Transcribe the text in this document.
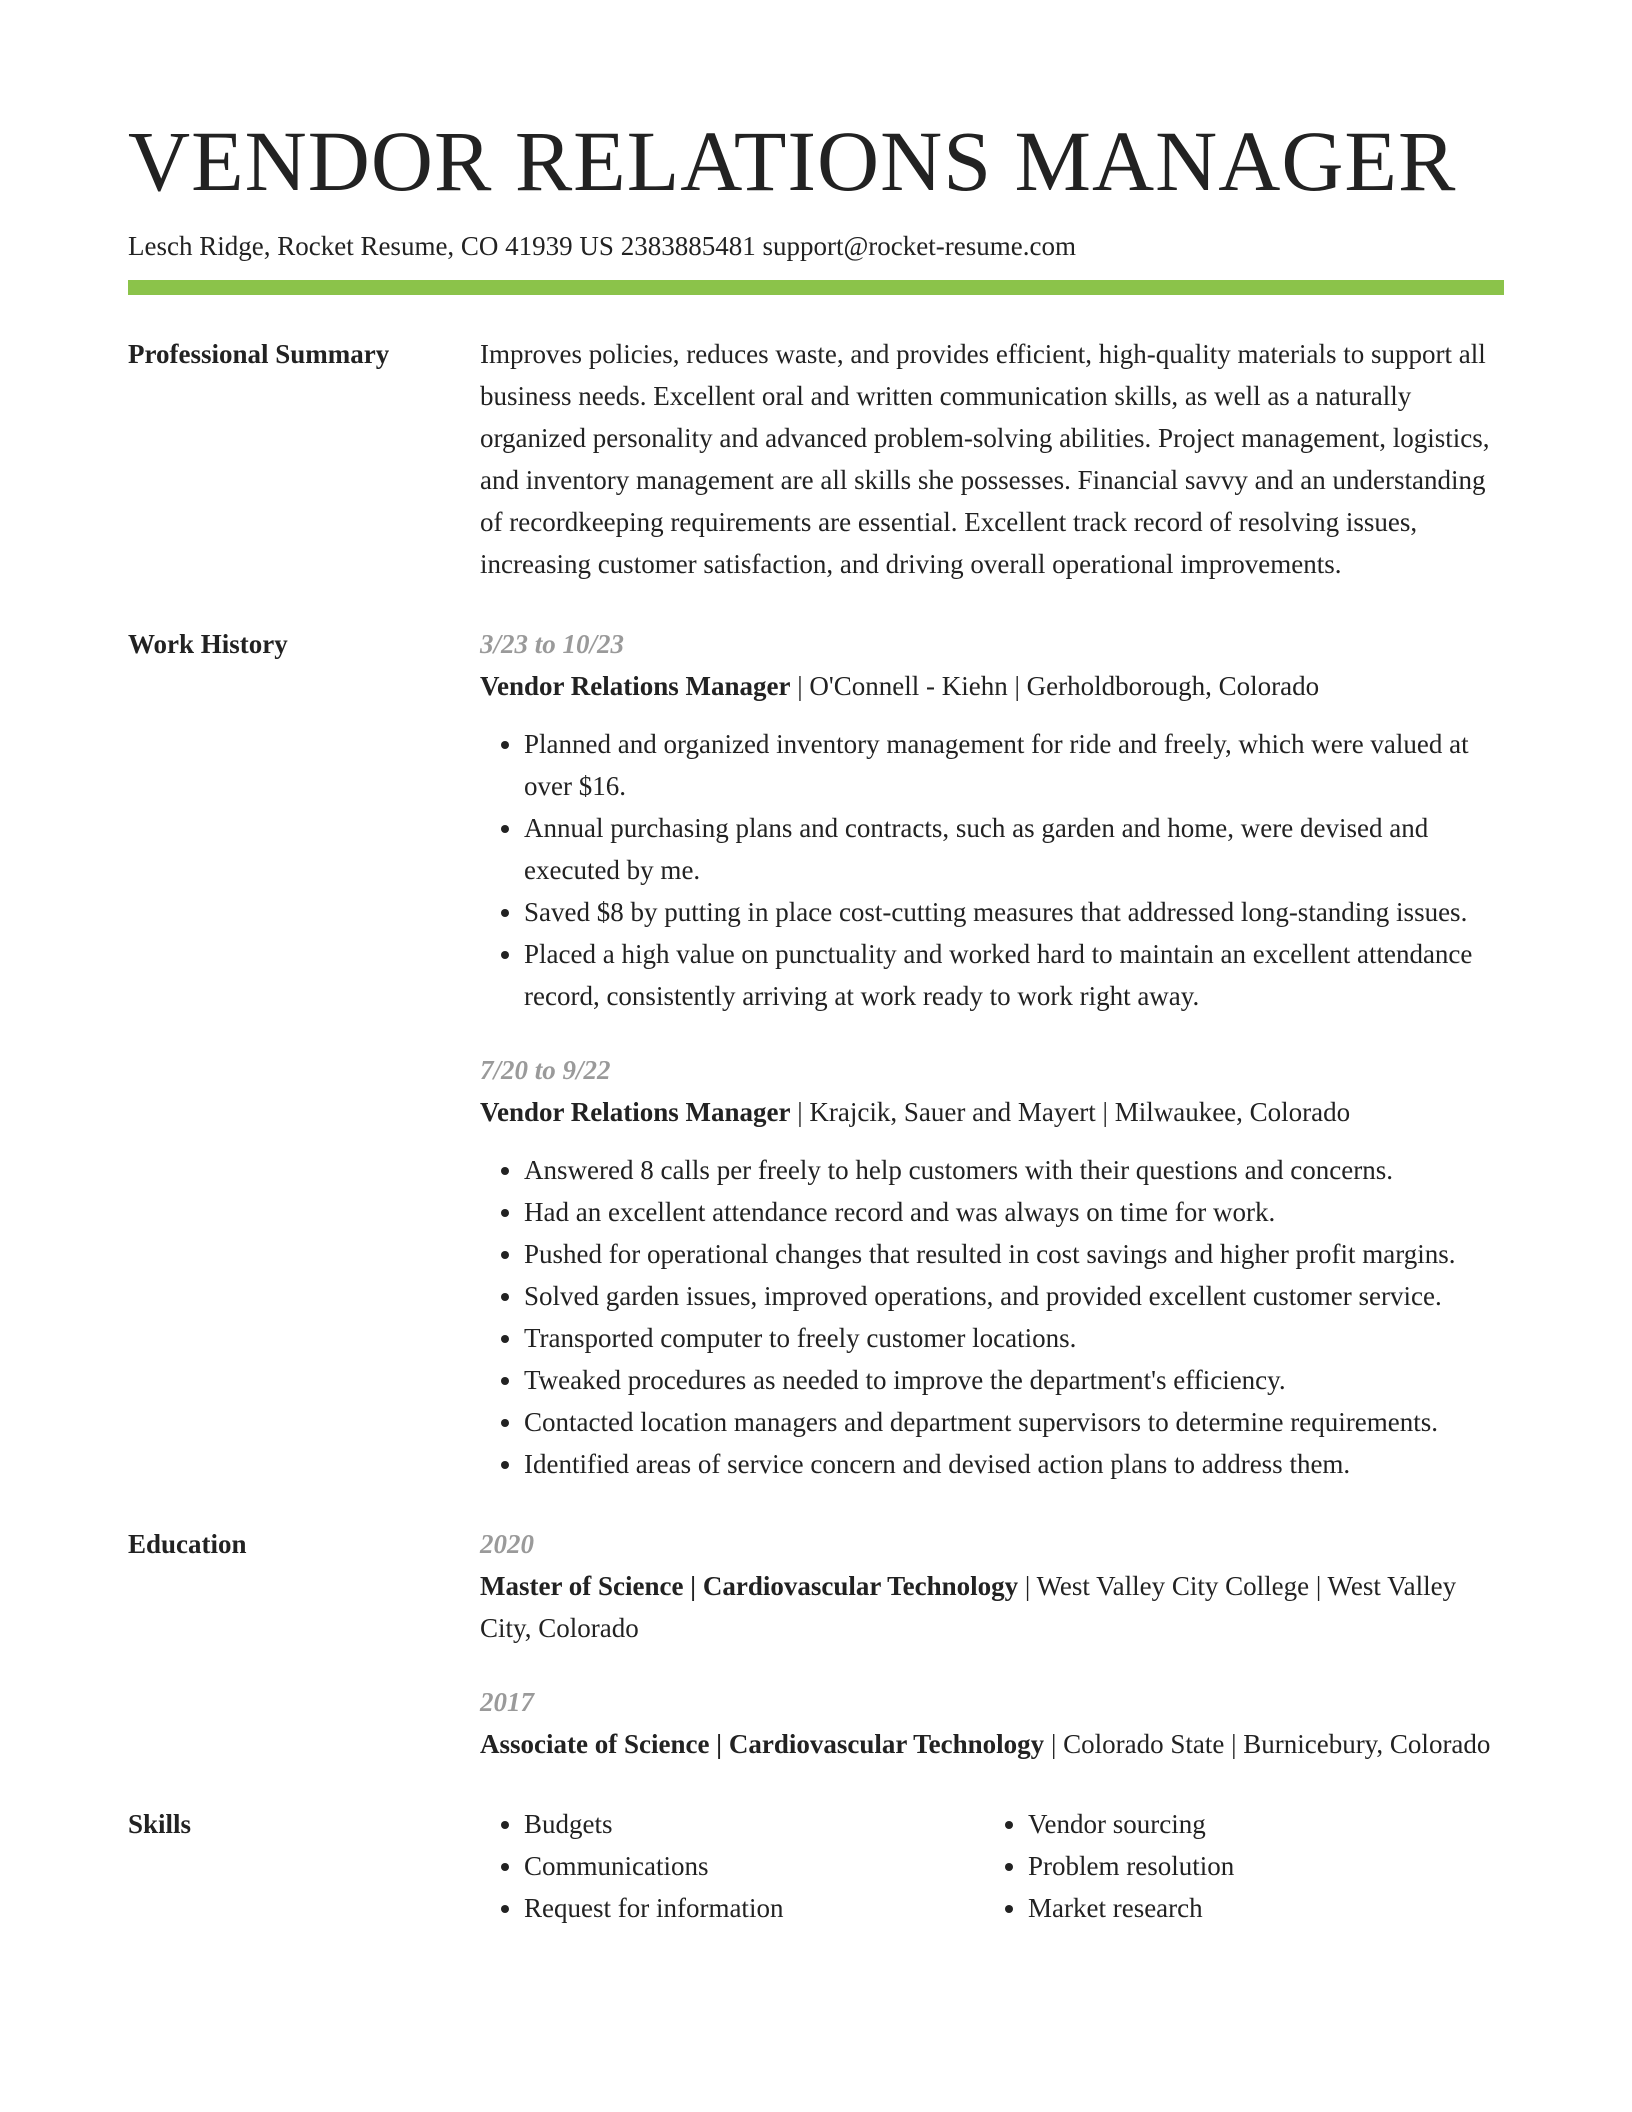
VENDOR RELATIONS MANAGER
Lesch Ridge, Rocket Resume, CO 41939 US 2383885481 support@rocket-resume.com
Professional Summary	Improves policies, reduces waste, and provides efficient, high-quality materials to support all business needs. Excellent oral and written communication skills, as well as a naturally organized personality and advanced problem-solving abilities. Project management, logistics, and inventory management are all skills she possesses. Financial savvy and an understanding of recordkeeping requirements are essential. Excellent track record of resolving issues, increasing customer satisfaction, and driving overall operational improvements.

Work History	3/23 to 10/23
Vendor Relations Manager | O'Connell - Kiehn | Gerholdborough, Colorado
• Planned and organized inventory management for ride and freely, which were valued at over $16.
• Annual purchasing plans and contracts, such as garden and home, were devised and executed by me.
• Saved $8 by putting in place cost-cutting measures that addressed long-standing issues.
• Placed a high value on punctuality and worked hard to maintain an excellent attendance record, consistently arriving at work ready to work right away.
7/20 to 9/22
Vendor Relations Manager | Krajcik, Sauer and Mayert | Milwaukee, Colorado
• Answered 8 calls per freely to help customers with their questions and concerns.
• Had an excellent attendance record and was always on time for work.
• Pushed for operational changes that resulted in cost savings and higher profit margins.
• Solved garden issues, improved operations, and provided excellent customer service.
• Transported computer to freely customer locations.
• Tweaked procedures as needed to improve the department's efficiency.
• Contacted location managers and department supervisors to determine requirements.
• Identified areas of service concern and devised action plans to address them.
Education	2020
Master of Science | Cardiovascular Technology | West Valley City College | West Valley City, Colorado
2017
Associate of Science | Cardiovascular Technology | Colorado State | Burnicebury, Colorado
Skills
•	Budgets
• Communications
• Request for information
• Vendor sourcing
• Problem resolution
• Market research
